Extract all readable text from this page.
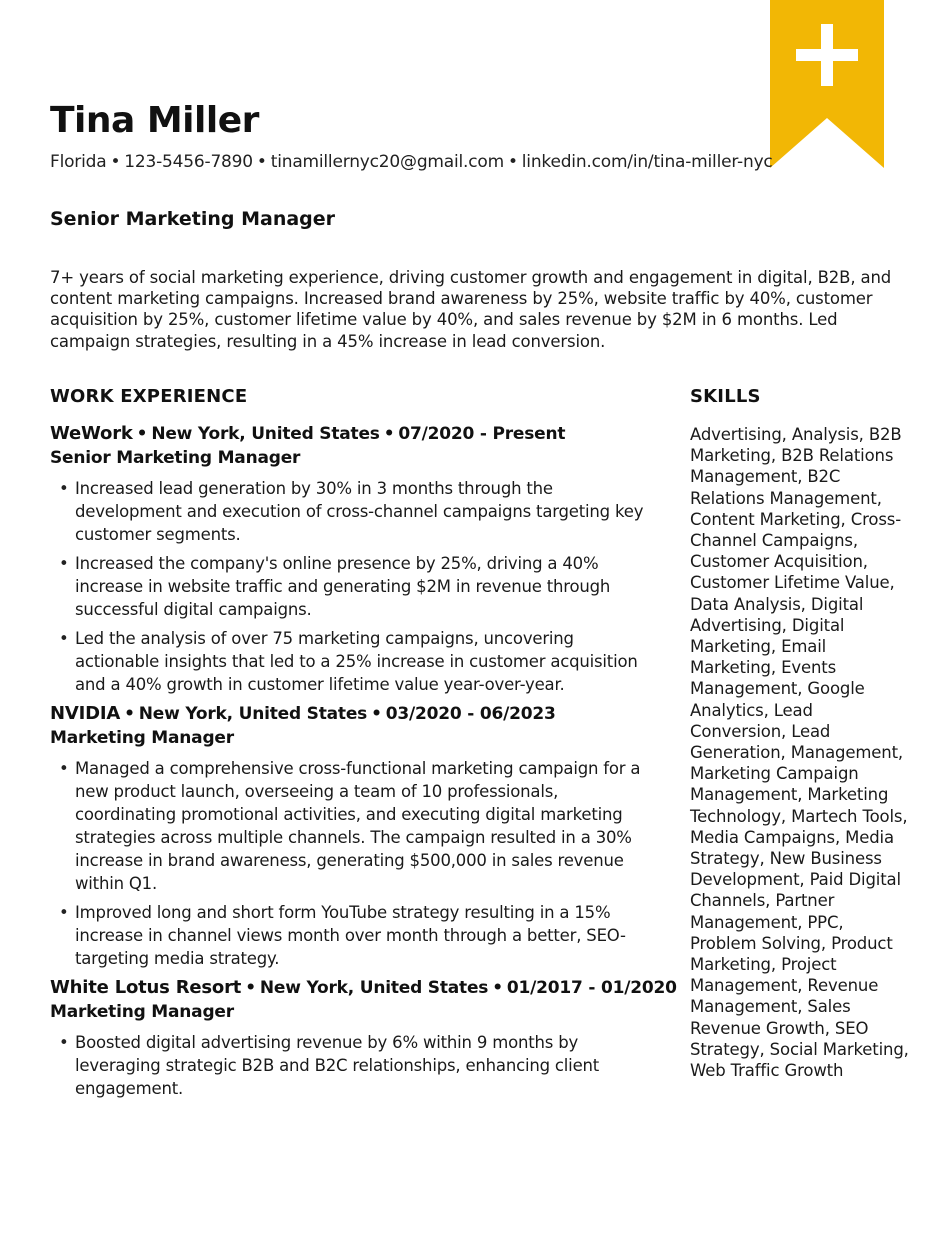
Tina Miller
Florida • 123-5456-7890 • tinamillernyc20@gmail.com • linkedin.com/in/tina-miller-nyc
Senior Marketing Manager

7+ years of social marketing experience, driving customer growth and engagement in digital, B2B, and content marketing campaigns. Increased brand awareness by 25%, website traffic by 40%, customer acquisition by 25%, customer lifetime value by 40%, and sales revenue by $2M in 6 months. Led campaign strategies, resulting in a 45% increase in lead conversion.

WORK EXPERIENCE	SKILLS
WeWork • New York, United States • 07/2020 - Present
Senior Marketing Manager
• Increased lead generation by 30% in 3 months through the development and execution of cross-channel campaigns targeting key customer segments.
• Increased the company's online presence by 25%, driving a 40% increase in website traffic and generating $2M in revenue through successful digital campaigns.
• Led the analysis of over 75 marketing campaigns, uncovering actionable insights that led to a 25% increase in customer acquisition and a 40% growth in customer lifetime value year-over-year.
NVIDIA • New York, United States • 03/2020 - 06/2023
Marketing Manager
• Managed a comprehensive cross-functional marketing campaign for a new product launch, overseeing a team of 10 professionals, coordinating promotional activities, and executing digital marketing strategies across multiple channels. The campaign resulted in a 30% increase in brand awareness, generating $500,000 in sales revenue within Q1.
• Improved long and short form YouTube strategy resulting in a 15% increase in channel views month over month through a better, SEO-targeting media strategy.
White Lotus Resort • New York, United States • 01/2017 - 01/2020
Marketing Manager
• Boosted digital advertising revenue by 6% within 9 months by leveraging strategic B2B and B2C relationships, enhancing client engagement.

Advertising, Analysis, B2B Marketing, B2B Relations Management, B2C Relations Management, Content Marketing, Cross-Channel Campaigns, Customer Acquisition, Customer Lifetime Value, Data Analysis, Digital Advertising, Digital Marketing, Email Marketing, Events Management, Google Analytics, Lead Conversion, Lead Generation, Management, Marketing Campaign Management, Marketing Technology, Martech Tools, Media Campaigns, Media Strategy, New Business Development, Paid Digital Channels, Partner Management, PPC, Problem Solving, Product Marketing, Project Management, Revenue Management, Sales Revenue Growth, SEO Strategy, Social Marketing, Web Traffic Growth
